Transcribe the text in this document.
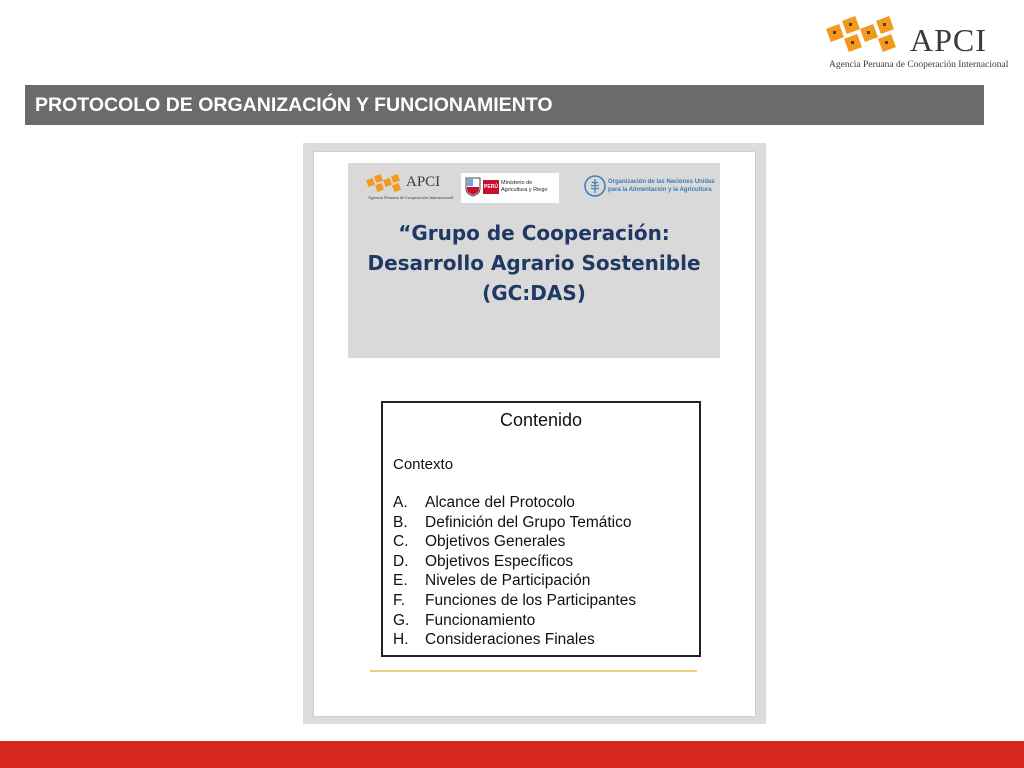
APCI
Agencia Peruana de Cooperación Internacional
PROTOCOLO DE ORGANIZACIÓN Y FUNCIONAMIENTO
APCI
Agencia Peruana de Cooperación Internacional
PERÚ
Ministerio de Agricultura y Riego
Organización de las Naciones Unidas para la Alimentación y la Agricultura
“Grupo de Cooperación:
Desarrollo Agrario Sostenible
(GC:DAS)
Contenido
Contexto
A.	Alcance del Protocolo
B.	Definición del Grupo Temático
C.	Objetivos Generales
D.	Objetivos Específicos
E.	Niveles de Participación
F.	Funciones de los Participantes
G.	Funcionamiento
H.	Consideraciones Finales
